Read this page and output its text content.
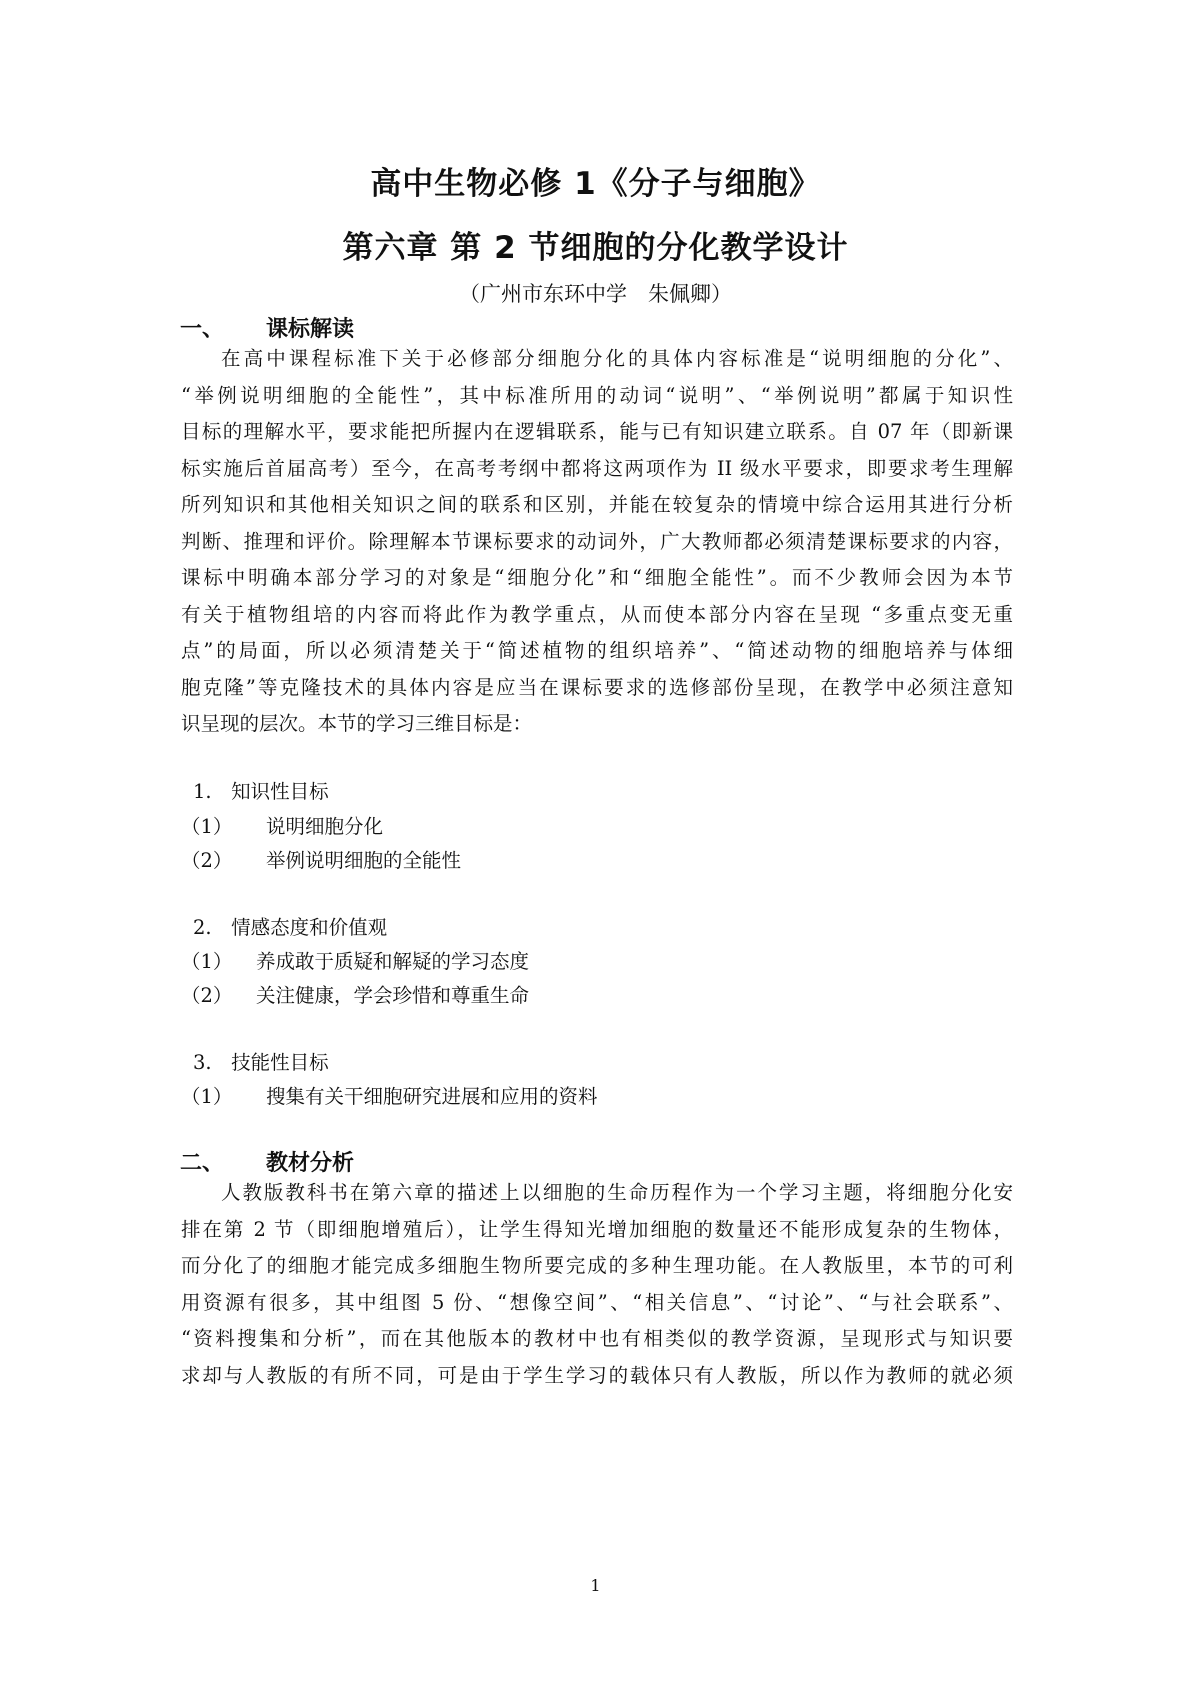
高中生物必修 1《分子与细胞》
第六章 第 2 节细胞的分化教学设计
（广州市东环中学　朱佩卿）
一、 课标解读
在高中课程标准下关于必修部分细胞分化的具体内容标准是“说明细胞的分化”、
“举例说明细胞的全能性”，其中标准所用的动词“说明”、“举例说明”都属于知识性
目标的理解水平，要求能把所握内在逻辑联系，能与已有知识建立联系。自 07 年（即新课
标实施后首届高考）至今，在高考考纲中都将这两项作为 II 级水平要求，即要求考生理解
所列知识和其他相关知识之间的联系和区别，并能在较复杂的情境中综合运用其进行分析
判断、推理和评价。除理解本节课标要求的动词外，广大教师都必须清楚课标要求的内容，
课标中明确本部分学习的对象是“细胞分化”和“细胞全能性”。而不少教师会因为本节
有关于植物组培的内容而将此作为教学重点，从而使本部分内容在呈现 “多重点变无重
点”的局面，所以必须清楚关于“简述植物的组织培养”、“简述动物的细胞培养与体细
胞克隆”等克隆技术的具体内容是应当在课标要求的选修部份呈现，在教学中必须注意知
识呈现的层次。本节的学习三维目标是：
1.　知识性目标
（1） 说明细胞分化
（2） 举例说明细胞的全能性
2.　情感态度和价值观
（1） 养成敢于质疑和解疑的学习态度
（2） 关注健康，学会珍惜和尊重生命
3.　技能性目标
（1） 搜集有关干细胞研究进展和应用的资料
二、 教材分析
人教版教科书在第六章的描述上以细胞的生命历程作为一个学习主题，将细胞分化安
排在第 2 节（即细胞增殖后），让学生得知光增加细胞的数量还不能形成复杂的生物体，
而分化了的细胞才能完成多细胞生物所要完成的多种生理功能。在人教版里，本节的可利
用资源有很多，其中组图 5 份、“想像空间”、“相关信息”、“讨论”、“与社会联系”、
“资料搜集和分析”，而在其他版本的教材中也有相类似的教学资源，呈现形式与知识要
求却与人教版的有所不同，可是由于学生学习的载体只有人教版，所以作为教师的就必须
1
